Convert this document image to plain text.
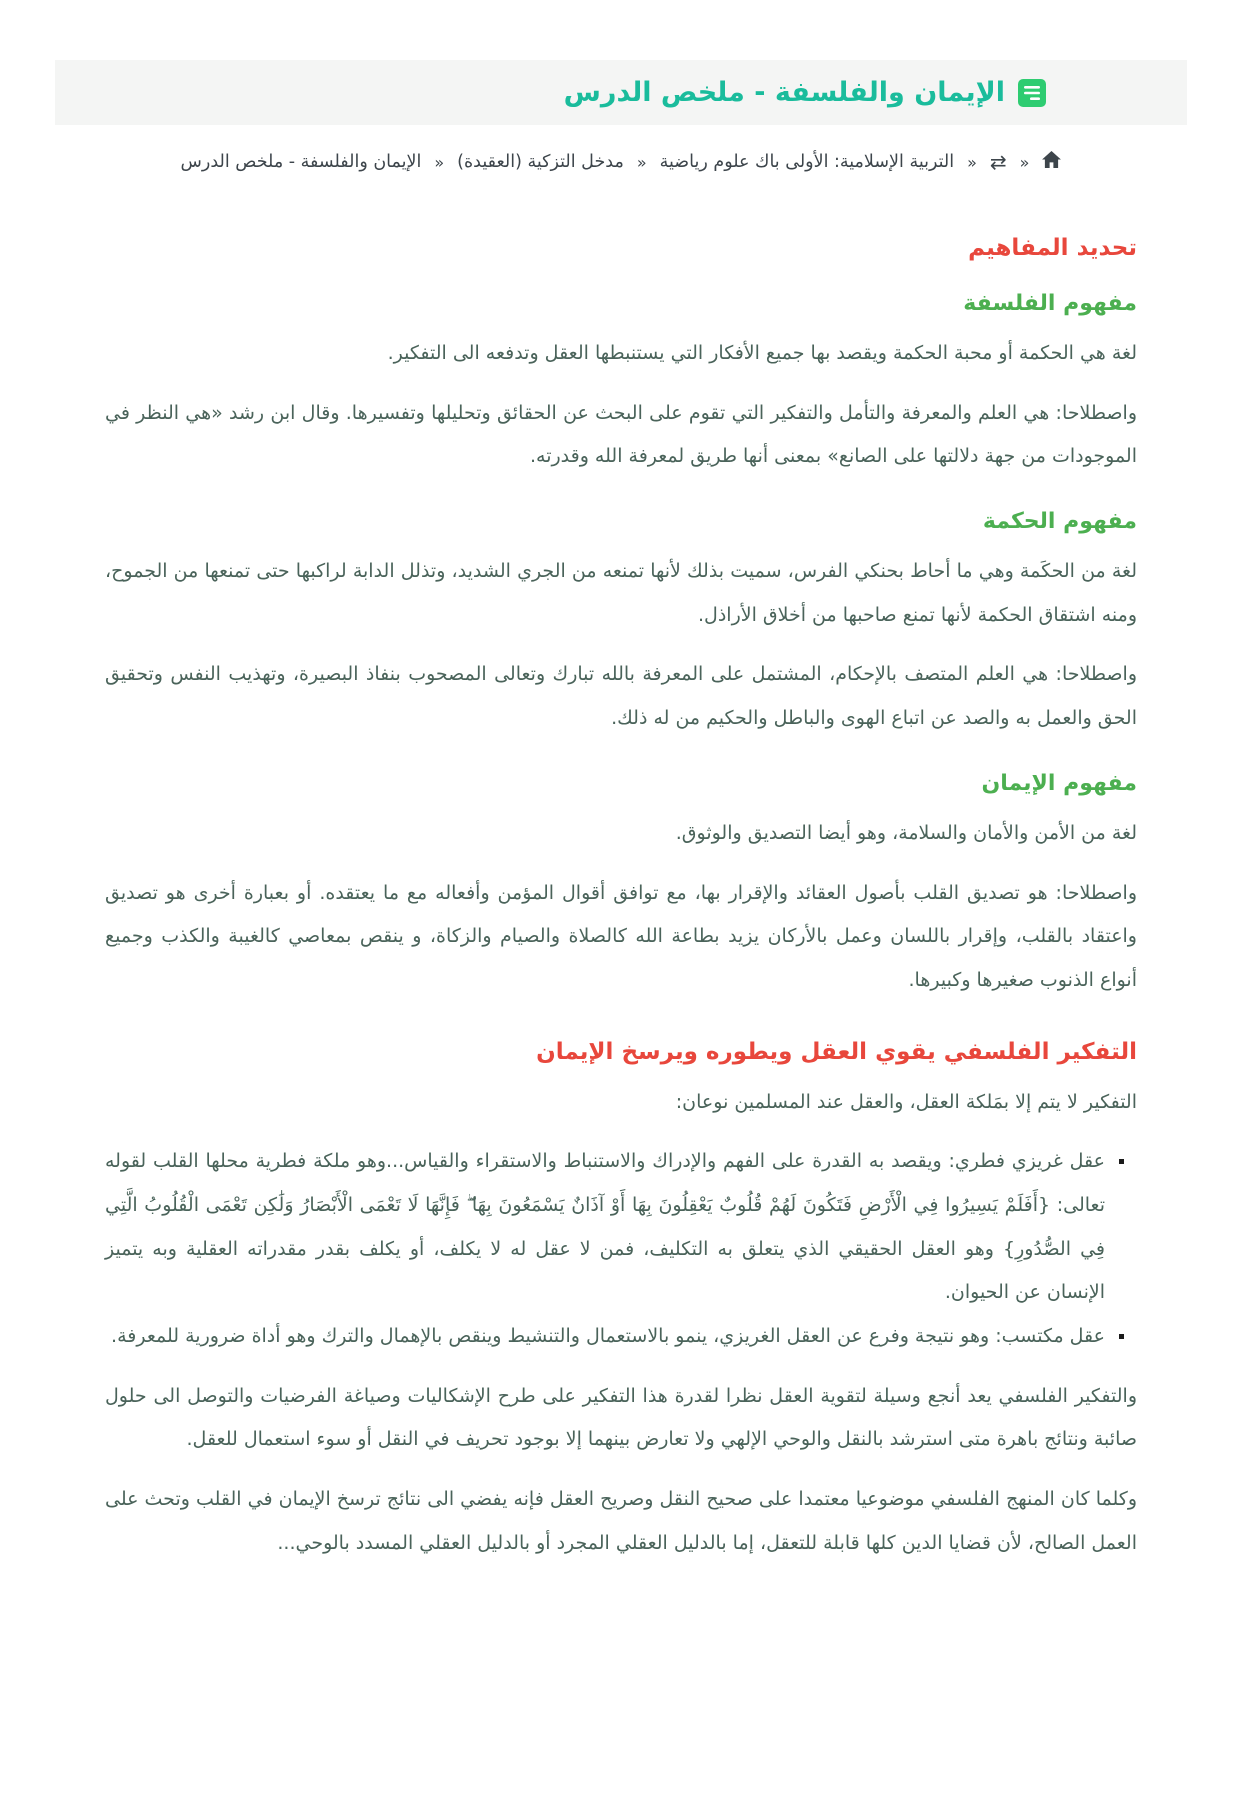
الإيمان والفلسفة - ملخص الدرس
«
⇄
«
التربية الإسلامية: الأولى باك علوم رياضية
«
مدخل التزكية (العقيدة)
«
الإيمان والفلسفة - ملخص الدرس
تحديد المفاهيم
مفهوم الفلسفة

لغة هي الحكمة أو محبة الحكمة ويقصد بها جميع الأفكار التي يستنبطها العقل وتدفعه الى التفكير.

واصطلاحا: هي العلم والمعرفة والتأمل والتفكير التي تقوم على البحث عن الحقائق وتحليلها وتفسيرها. وقال ابن رشد «هي النظر في الموجودات من جهة دلالتها على الصانع» بمعنى أنها طريق لمعرفة الله وقدرته.

مفهوم الحكمة

لغة من الحكَمة وهي ما أحاط بحنكي الفرس، سميت بذلك لأنها تمنعه من الجري الشديد، وتذلل الدابة لراكبها حتى تمنعها من الجموح، ومنه اشتقاق الحكمة لأنها تمنع صاحبها من أخلاق الأراذل.

واصطلاحا: هي العلم المتصف بالإحكام، المشتمل على المعرفة بالله تبارك وتعالى المصحوب بنفاذ البصيرة، وتهذيب النفس وتحقيق الحق والعمل به والصد عن اتباع الهوى والباطل والحكيم من له ذلك.

مفهوم الإيمان

لغة من الأمن والأمان والسلامة، وهو أيضا التصديق والوثوق.

واصطلاحا: هو تصديق القلب بأصول العقائد والإقرار بها، مع توافق أقوال المؤمن وأفعاله مع ما يعتقده. أو بعبارة أخرى هو تصديق واعتقاد بالقلب، وإقرار باللسان وعمل بالأركان يزيد بطاعة الله كالصلاة والصيام والزكاة، و ينقص بمعاصي كالغيبة والكذب وجميع أنواع الذنوب صغيرها وكبيرها.

التفكير الفلسفي يقوي العقل ويطوره ويرسخ الإيمان

التفكير لا يتم إلا بمَلكة العقل، والعقل عند المسلمين نوعان:

▪ عقل غريزي فطري: ويقصد به القدرة على الفهم والإدراك والاستنباط والاستقراء والقياس...وهو ملكة فطرية محلها القلب لقوله تعالى: {أَفَلَمْ يَسِيرُوا فِي الْأَرْضِ فَتَكُونَ لَهُمْ قُلُوبٌ يَعْقِلُونَ بِهَا أَوْ آذَانٌ يَسْمَعُونَ بِهَا ۖ فَإِنَّهَا لَا تَعْمَى الْأَبْصَارُ وَلَٰكِن تَعْمَى الْقُلُوبُ الَّتِي فِي الصُّدُورِ} وهو العقل الحقيقي الذي يتعلق به التكليف، فمن لا عقل له لا يكلف، أو يكلف بقدر مقدراته العقلية وبه يتميز الإنسان عن الحيوان.
▪ عقل مكتسب: وهو نتيجة وفرع عن العقل الغريزي، ينمو بالاستعمال والتنشيط وينقص بالإهمال والترك وهو أداة ضرورية للمعرفة.

والتفكير الفلسفي يعد أنجع وسيلة لتقوية العقل نظرا لقدرة هذا التفكير على طرح الإشكاليات وصياغة الفرضيات والتوصل الى حلول صائبة ونتائج باهرة متى استرشد بالنقل والوحي الإلهي ولا تعارض بينهما إلا بوجود تحريف في النقل أو سوء استعمال للعقل.

وكلما كان المنهج الفلسفي موضوعيا معتمدا على صحيح النقل وصريح العقل فإنه يفضي الى نتائج ترسخ الإيمان في القلب وتحث على العمل الصالح، لأن قضايا الدين كلها قابلة للتعقل، إما بالدليل العقلي المجرد أو بالدليل العقلي المسدد بالوحي...
